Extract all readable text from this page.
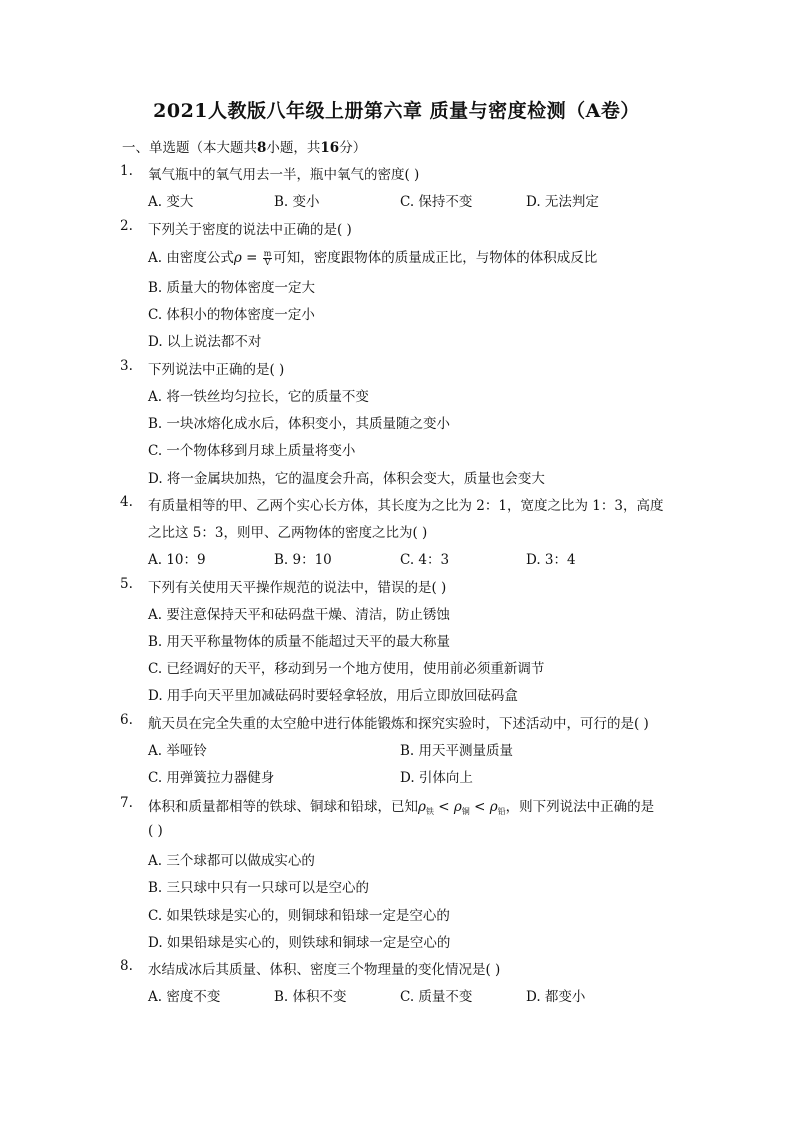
2021人教版八年级上册第六章 质量与密度检测（A卷）
一、单选题（本大题共8小题，共16分）
1. 氧气瓶中的氧气用去一半，瓶中氧气的密度( )
A. 变大	B. 变小	C. 保持不变	D. 无法判定
2. 下列关于密度的说法中正确的是( )
A. 由密度公式$\rho = \frac{m}{V}$ 可知，密度跟物体的质量成正比，与物体的体积成反比
B. 质量大的物体密度一定大
C. 体积小的物体密度一定小
D. 以上说法都不对
3. 下列说法中正确的是( )
A. 将一铁丝均匀拉长，它的质量不变
B. 一块冰熔化成水后，体积变小，其质量随之变小
C. 一个物体移到月球上质量将变小
D. 将一金属块加热，它的温度会升高，体积会变大，质量也会变大
4. 有质量相等的甲、乙两个实心长方体，其长度为之比为 2：1，宽度之比为 1：3，高度
之比这 5：3，则甲、乙两物体的密度之比为( )
A. 10：9	B. 9：10	C. 4：3	D. 3：4
5. 下列有关使用天平操作规范的说法中，错误的是( )
A. 要注意保持天平和砝码盘干燥、清洁，防止锈蚀
B. 用天平称量物体的质量不能超过天平的最大称量
C. 已经调好的天平，移动到另一个地方使用，使用前必须重新调节
D. 用手向天平里加减砝码时要轻拿轻放，用后立即放回砝码盒
6. 航天员在完全失重的太空舱中进行体能锻炼和探究实验时，下述活动中，可行的是( )
A. 举哑铃	B. 用天平测量质量
C. 用弹簧拉力器健身	D. 引体向上
7. 体积和质量都相等的铁球、铜球和铅球，已知$\rho_铁 < \rho_铜 < \rho_铅$，则下列说法中正确的是
( )
A. 三个球都可以做成实心的
B. 三只球中只有一只球可以是空心的
C. 如果铁球是实心的，则铜球和铅球一定是空心的
D. 如果铅球是实心的，则铁球和铜球一定是空心的
8. 水结成冰后其质量、体积、密度三个物理量的变化情况是( )
A. 密度不变	B. 体积不变	C. 质量不变	D. 都变小
